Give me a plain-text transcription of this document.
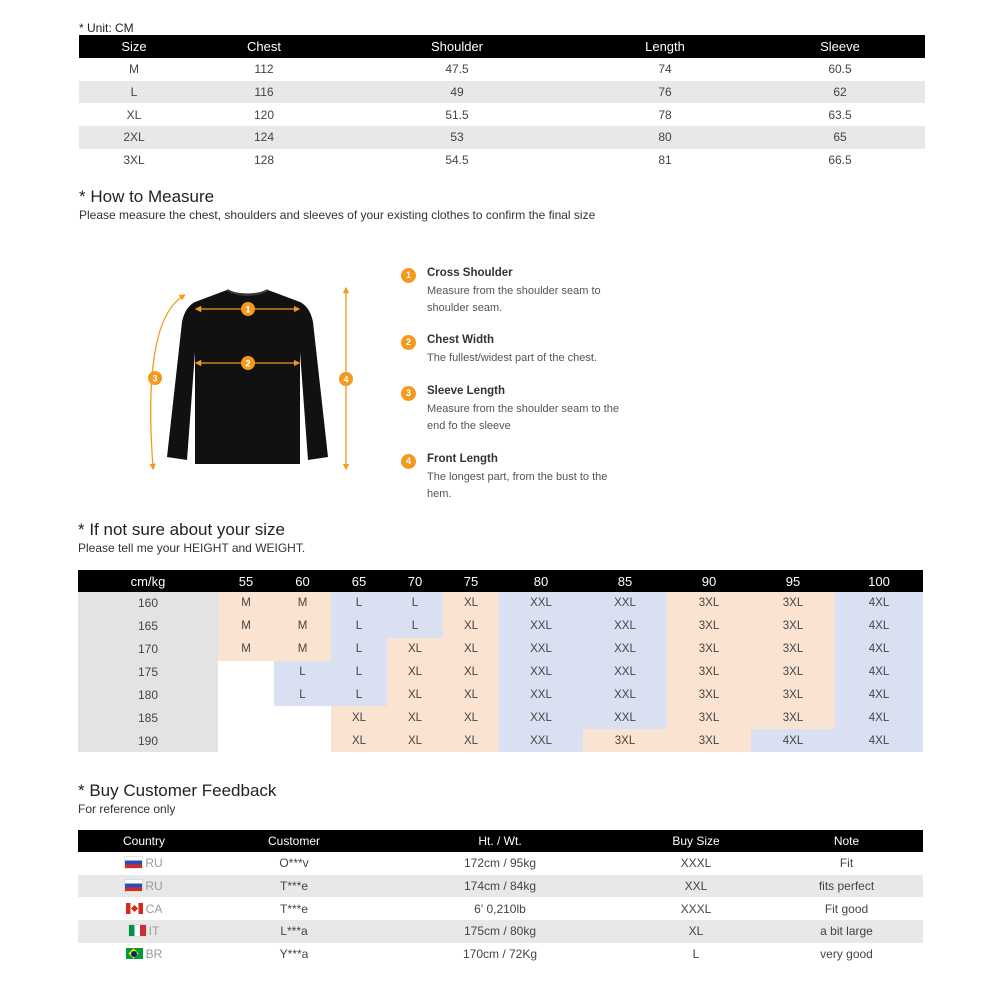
* Unit: CM
Size	Chest	Shoulder	Length	Sleeve
M	112	47.5	74	60.5
L	116	49	76	62
XL	120	51.5	78	63.5
2XL	124	53	80	65
3XL	128	54.5	81	66.5
* How to Measure
Please measure the chest, shoulders and sleeves of your existing clothes to confirm the final size
1
2
3	4
1	Cross Shoulder
Measure from the shoulder seam to shoulder seam.
2	Chest Width
The fullest/widest part of the chest.
3	Sleeve Length
Measure from the shoulder seam to the end fo the sleeve
4	Front Length
The longest part, from the bust to the hem.
* If not sure about your size
Please tell me your HEIGHT and WEIGHT.
cm/kg	55	60	65	70	75	80	85	90	95	100
160	M	M	L	L	XL	XXL	XXL	3XL	3XL	4XL
165	M	M	L	L	XL	XXL	XXL	3XL	3XL	4XL
170	M	M	L	XL	XL	XXL	XXL	3XL	3XL	4XL
175		L	L	XL	XL	XXL	XXL	3XL	3XL	4XL
180		L	L	XL	XL	XXL	XXL	3XL	3XL	4XL
185			XL	XL	XL	XXL	XXL	3XL	3XL	4XL
190			XL	XL	XL	XXL	3XL	3XL	4XL	4XL
* Buy Customer Feedback
For reference only
Country	Customer	Ht. / Wt.	Buy Size	Note
RU	O***v	172cm / 95kg	XXXL	Fit
RU	T***e	174cm / 84kg	XXL	fits perfect
CA	T***e	6' 0,210lb	XXXL	Fit good
IT	L***a	175cm / 80kg	XL	a bit large
BR	Y***a	170cm / 72Kg	L	very good
